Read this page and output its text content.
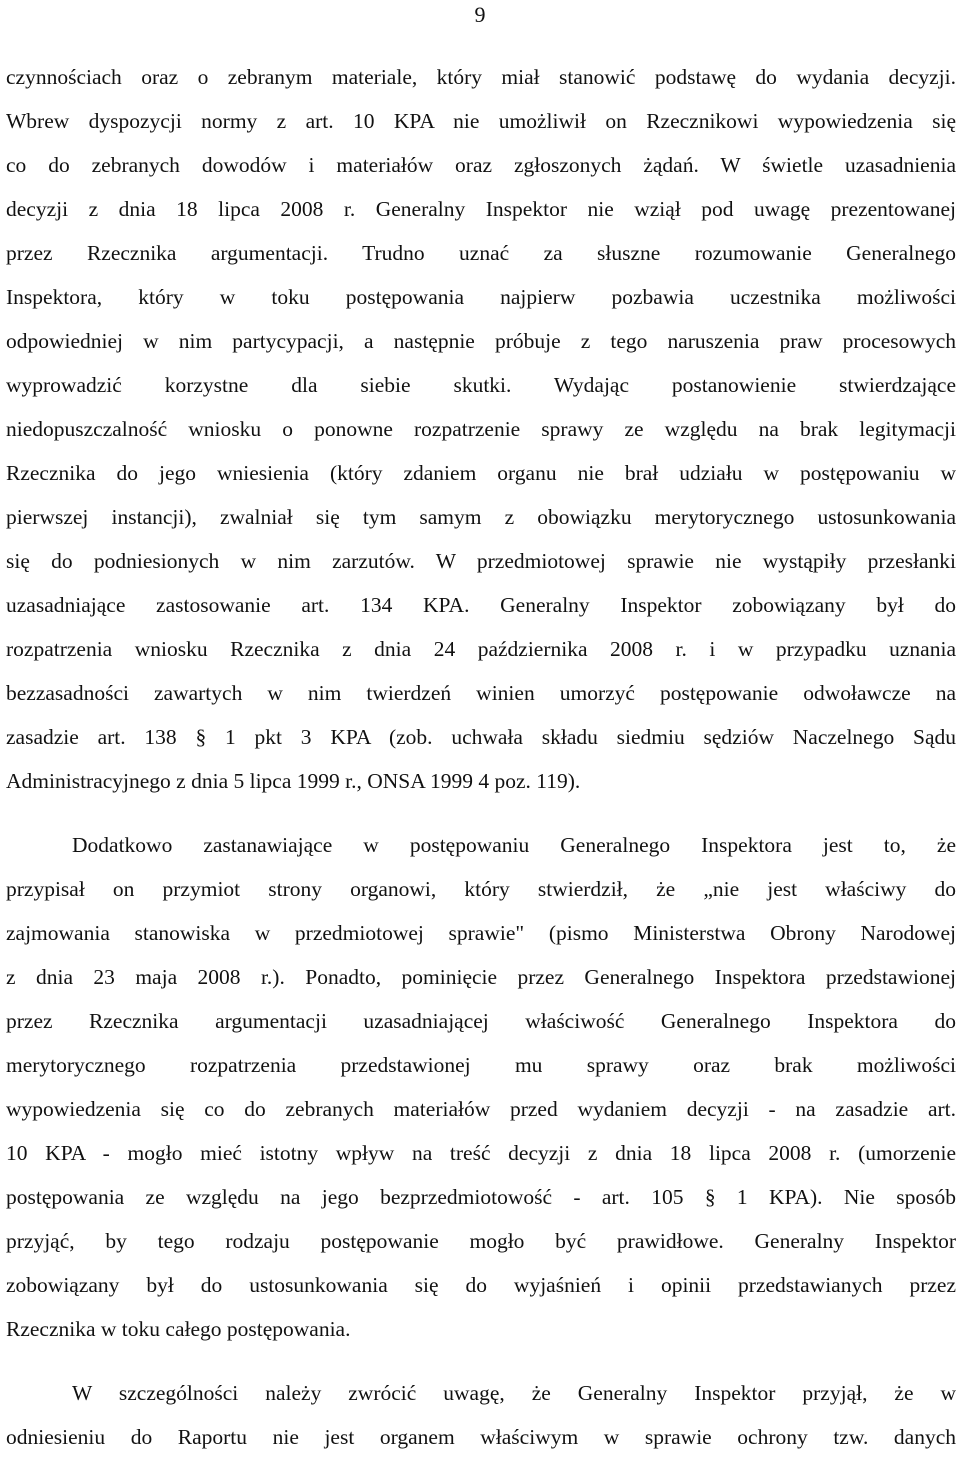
9
czynnościach oraz o zebranym materiale, który miał stanowić podstawę do wydania decyzji.
Wbrew dyspozycji normy z art. 10 KPA nie umożliwił on Rzecznikowi wypowiedzenia się
co do zebranych dowodów i materiałów oraz zgłoszonych żądań. W świetle uzasadnienia
decyzji z dnia 18 lipca 2008 r. Generalny Inspektor nie wziął pod uwagę prezentowanej
przez Rzecznika argumentacji. Trudno uznać za słuszne rozumowanie Generalnego
Inspektora, który w toku postępowania najpierw pozbawia uczestnika możliwości
odpowiedniej w nim partycypacji, a następnie próbuje z tego naruszenia praw procesowych
wyprowadzić korzystne dla siebie skutki. Wydając postanowienie stwierdzające
niedopuszczalność wniosku o ponowne rozpatrzenie sprawy ze względu na brak legitymacji
Rzecznika do jego wniesienia (który zdaniem organu nie brał udziału w postępowaniu w
pierwszej instancji), zwalniał się tym samym z obowiązku merytorycznego ustosunkowania
się do podniesionych w nim zarzutów. W przedmiotowej sprawie nie wystąpiły przesłanki
uzasadniające zastosowanie art. 134 KPA. Generalny Inspektor zobowiązany był do
rozpatrzenia wniosku Rzecznika z dnia 24 października 2008 r. i w przypadku uznania
bezzasadności zawartych w nim twierdzeń winien umorzyć postępowanie odwoławcze na
zasadzie art. 138 § 1 pkt 3 KPA (zob. uchwała składu siedmiu sędziów Naczelnego Sądu
Administracyjnego z dnia 5 lipca 1999 r., ONSA 1999 4 poz. 119).
Dodatkowo zastanawiające w postępowaniu Generalnego Inspektora jest to, że
przypisał on przymiot strony organowi, który stwierdził, że „nie jest właściwy do
zajmowania stanowiska w przedmiotowej sprawie" (pismo Ministerstwa Obrony Narodowej
z dnia 23 maja 2008 r.). Ponadto, pominięcie przez Generalnego Inspektora przedstawionej
przez Rzecznika argumentacji uzasadniającej właściwość Generalnego Inspektora do
merytorycznego rozpatrzenia przedstawionej mu sprawy oraz brak możliwości
wypowiedzenia się co do zebranych materiałów przed wydaniem decyzji - na zasadzie art.
10 KPA - mogło mieć istotny wpływ na treść decyzji z dnia 18 lipca 2008 r. (umorzenie
postępowania ze względu na jego bezprzedmiotowość - art. 105 § 1 KPA). Nie sposób
przyjąć, by tego rodzaju postępowanie mogło być prawidłowe. Generalny Inspektor
zobowiązany był do ustosunkowania się do wyjaśnień i opinii przedstawianych przez
Rzecznika w toku całego postępowania.
W szczególności należy zwrócić uwagę, że Generalny Inspektor przyjął, że w
odniesieniu do Raportu nie jest organem właściwym w sprawie ochrony tzw. danych
